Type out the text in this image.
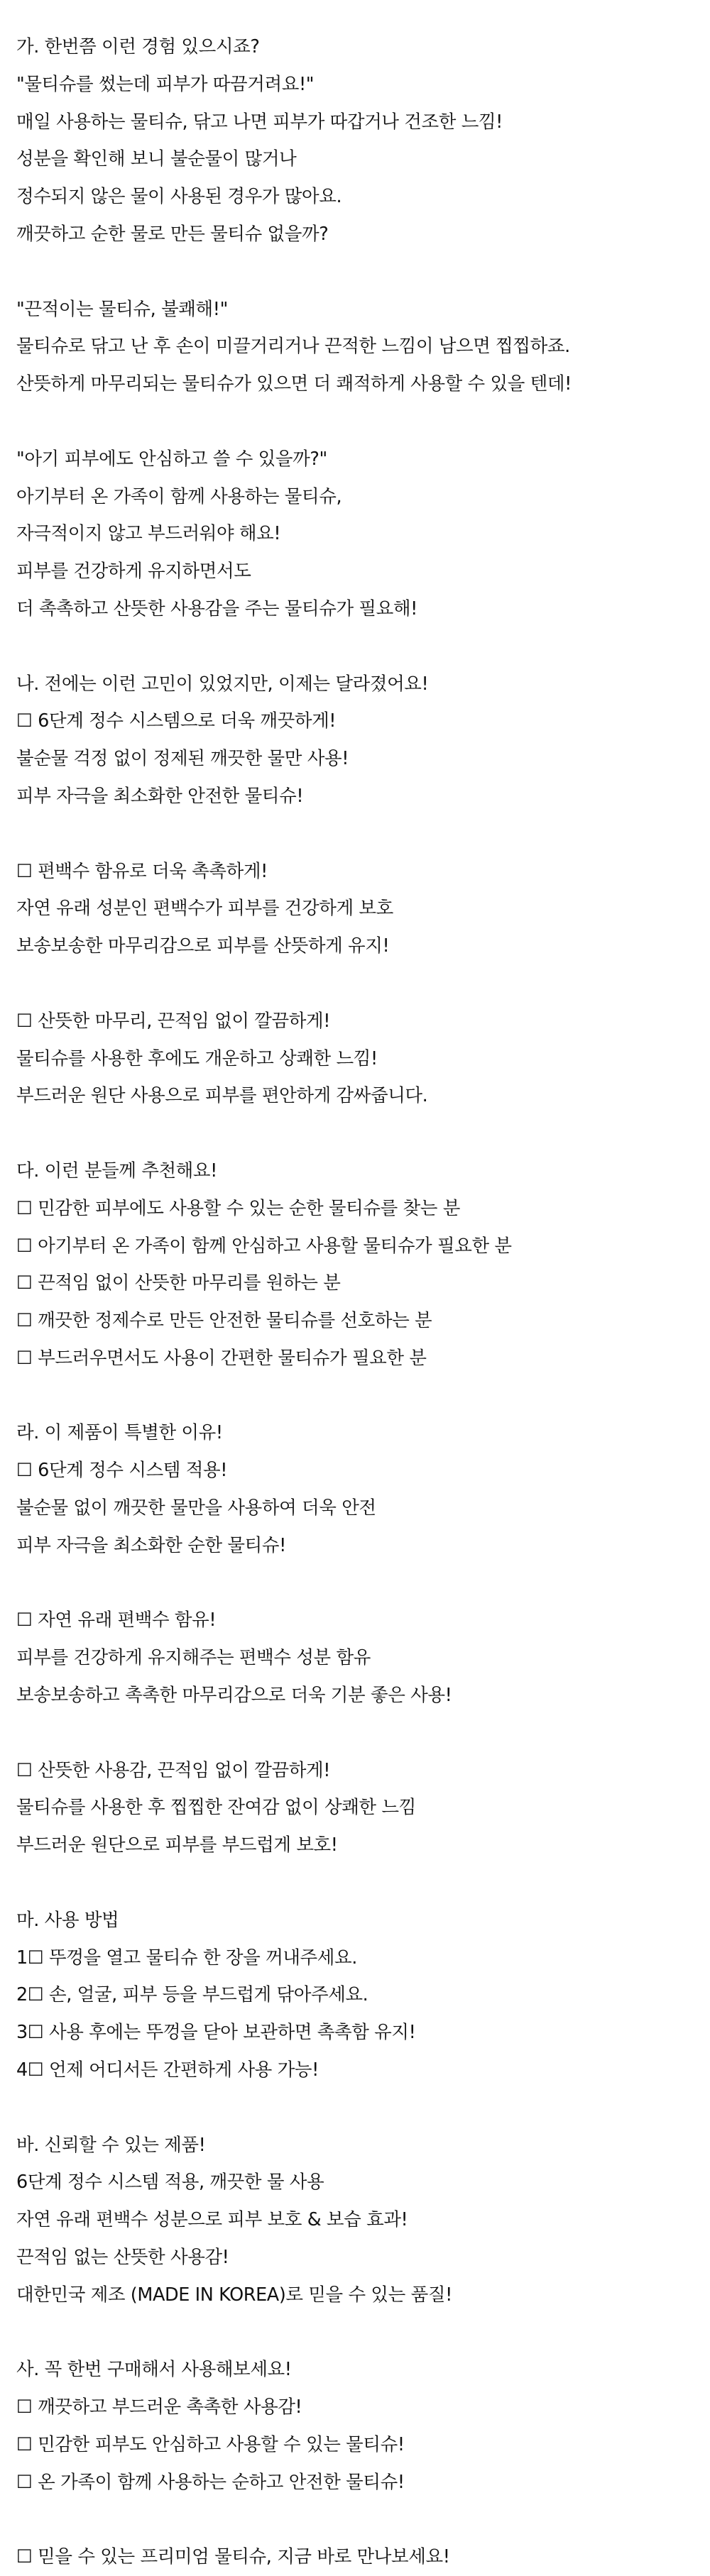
가. 한번쯤 이런 경험 있으시죠?

"물티슈를 썼는데 피부가 따끔거려요!"

매일 사용하는 물티슈, 닦고 나면 피부가 따갑거나 건조한 느낌!

성분을 확인해 보니 불순물이 많거나

정수되지 않은 물이 사용된 경우가 많아요.

깨끗하고 순한 물로 만든 물티슈 없을까?

"끈적이는 물티슈, 불쾌해!"

물티슈로 닦고 난 후 손이 미끌거리거나 끈적한 느낌이 남으면 찝찝하죠.

산뜻하게 마무리되는 물티슈가 있으면 더 쾌적하게 사용할 수 있을 텐데!

"아기 피부에도 안심하고 쓸 수 있을까?"

아기부터 온 가족이 함께 사용하는 물티슈,

자극적이지 않고 부드러워야 해요!

피부를 건강하게 유지하면서도

더 촉촉하고 산뜻한 사용감을 주는 물티슈가 필요해!

나. 전에는 이런 고민이 있었지만, 이제는 달라졌어요!

☐ 6단계 정수 시스템으로 더욱 깨끗하게!

불순물 걱정 없이 정제된 깨끗한 물만 사용!

피부 자극을 최소화한 안전한 물티슈!

☐ 편백수 함유로 더욱 촉촉하게!

자연 유래 성분인 편백수가 피부를 건강하게 보호

보송보송한 마무리감으로 피부를 산뜻하게 유지!

☐ 산뜻한 마무리, 끈적임 없이 깔끔하게!

물티슈를 사용한 후에도 개운하고 상쾌한 느낌!

부드러운 원단 사용으로 피부를 편안하게 감싸줍니다.

다. 이런 분들께 추천해요!

☐ 민감한 피부에도 사용할 수 있는 순한 물티슈를 찾는 분

☐ 아기부터 온 가족이 함께 안심하고 사용할 물티슈가 필요한 분

☐ 끈적임 없이 산뜻한 마무리를 원하는 분

☐ 깨끗한 정제수로 만든 안전한 물티슈를 선호하는 분

☐ 부드러우면서도 사용이 간편한 물티슈가 필요한 분

라. 이 제품이 특별한 이유!

☐ 6단계 정수 시스템 적용!

불순물 없이 깨끗한 물만을 사용하여 더욱 안전

피부 자극을 최소화한 순한 물티슈!

☐ 자연 유래 편백수 함유!

피부를 건강하게 유지해주는 편백수 성분 함유

보송보송하고 촉촉한 마무리감으로 더욱 기분 좋은 사용!

☐ 산뜻한 사용감, 끈적임 없이 깔끔하게!

물티슈를 사용한 후 찝찝한 잔여감 없이 상쾌한 느낌

부드러운 원단으로 피부를 부드럽게 보호!

마. 사용 방법

1☐ 뚜껑을 열고 물티슈 한 장을 꺼내주세요.

2☐ 손, 얼굴, 피부 등을 부드럽게 닦아주세요.

3☐ 사용 후에는 뚜껑을 닫아 보관하면 촉촉함 유지!

4☐ 언제 어디서든 간편하게 사용 가능!

바. 신뢰할 수 있는 제품!

6단계 정수 시스템 적용, 깨끗한 물 사용

자연 유래 편백수 성분으로 피부 보호 & 보습 효과!

끈적임 없는 산뜻한 사용감!

대한민국 제조 (MADE IN KOREA)로 믿을 수 있는 품질!

사. 꼭 한번 구매해서 사용해보세요!

☐ 깨끗하고 부드러운 촉촉한 사용감!

☐ 민감한 피부도 안심하고 사용할 수 있는 물티슈!

☐ 온 가족이 함께 사용하는 순하고 안전한 물티슈!

☐ 믿을 수 있는 프리미엄 물티슈, 지금 바로 만나보세요!
